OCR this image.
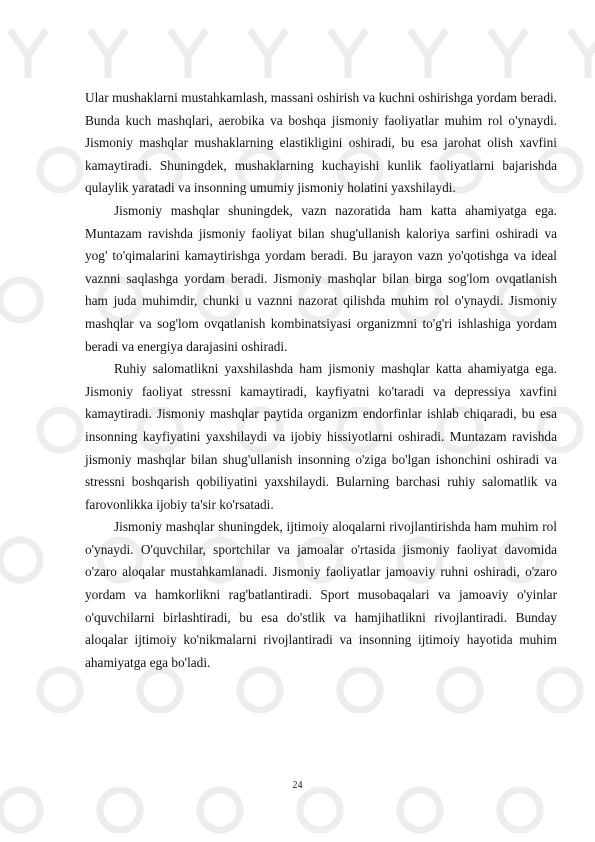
Ular mushaklarni mustahkamlash, massani oshirish va kuchni oshirishga yordam beradi. Bunda kuch mashqlari, aerobika va boshqa jismoniy faoliyatlar muhim rol o'ynaydi. Jismoniy mashqlar mushaklarning elastikligini oshiradi, bu esa jarohat olish xavfini kamaytiradi. Shuningdek, mushaklarning kuchayishi kunlik faoliyatlarni bajarishda qulaylik yaratadi va insonning umumiy jismoniy holatini yaxshilaydi.

Jismoniy mashqlar shuningdek, vazn nazoratida ham katta ahamiyatga ega. Muntazam ravishda jismoniy faoliyat bilan shug'ullanish kaloriya sarfini oshiradi va yog' to'qimalarini kamaytirishga yordam beradi. Bu jarayon vazn yo'qotishga va ideal vaznni saqlashga yordam beradi. Jismoniy mashqlar bilan birga sog'lom ovqatlanish ham juda muhimdir, chunki u vaznni nazorat qilishda muhim rol o'ynaydi. Jismoniy mashqlar va sog'lom ovqatlanish kombinatsiyasi organizmni to'g'ri ishlashiga yordam beradi va energiya darajasini oshiradi.

Ruhiy salomatlikni yaxshilashda ham jismoniy mashqlar katta ahamiyatga ega. Jismoniy faoliyat stressni kamaytiradi, kayfiyatni ko'taradi va depressiya xavfini kamaytiradi. Jismoniy mashqlar paytida organizm endorfinlar ishlab chiqaradi, bu esa insonning kayfiyatini yaxshilaydi va ijobiy hissiyotlarni oshiradi. Muntazam ravishda jismoniy mashqlar bilan shug'ullanish insonning o'ziga bo'lgan ishonchini oshiradi va stressni boshqarish qobiliyatini yaxshilaydi. Bularning barchasi ruhiy salomatlik va farovonlikka ijobiy ta'sir ko'rsatadi.

Jismoniy mashqlar shuningdek, ijtimoiy aloqalarni rivojlantirishda ham muhim rol o'ynaydi. O'quvchilar, sportchilar va jamoalar o'rtasida jismoniy faoliyat davomida o'zaro aloqalar mustahkamlanadi. Jismoniy faoliyatlar jamoaviy ruhni oshiradi, o'zaro yordam va hamkorlikni rag'batlantiradi. Sport musobaqalari va jamoaviy o'yinlar o'quvchilarni birlashtiradi, bu esa do'stlik va hamjihatlikni rivojlantiradi. Bunday aloqalar ijtimoiy ko'nikmalarni rivojlantiradi va insonning ijtimoiy hayotida muhim ahamiyatga ega bo'ladi.

24
